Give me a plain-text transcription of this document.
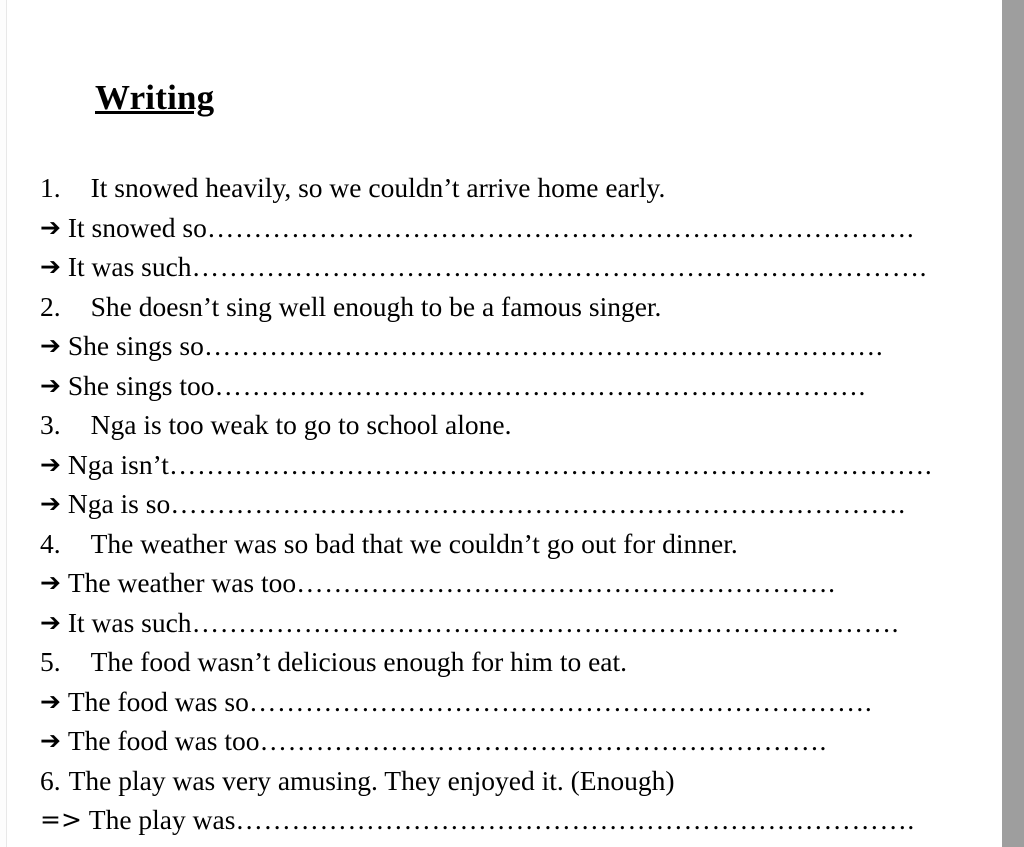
Writing
1. It snowed heavily, so we couldn’t arrive home early.
➔ It snowed so………………………………………………………………….
➔ It was such…………………………………………………………………….
2. She doesn’t sing well enough to be a famous singer.
➔ She sings so……………………………………………………………….
➔ She sings too…………………………………………………………….
3. Nga is too weak to go to school alone.
➔ Nga isn’t……………………………………………………………………….
➔ Nga is so…………………………………………………………………….
4. The weather was so bad that we couldn’t go out for dinner.
➔ The weather was too………………………………………………….
➔ It was such………………………………………………………………….
5. The food wasn’t delicious enough for him to eat.
➔ The food was so………………………………………………………….
➔ The food was too…………………………………………………….
6. The play was very amusing. They enjoyed it. (Enough)
=> The play was……………………………………………………………….
